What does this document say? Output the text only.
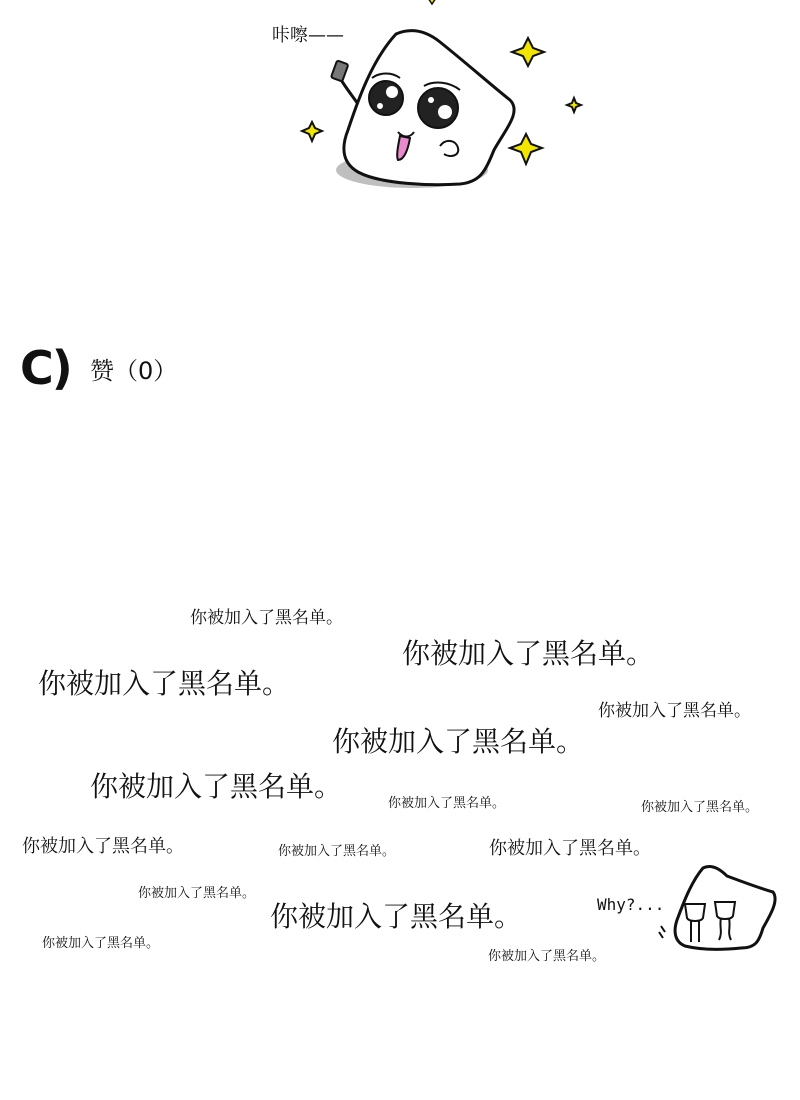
咔嚓——
C) 赞（0）
你被加入了黑名单。
你被加入了黑名单。
你被加入了黑名单。
你被加入了黑名单。
你被加入了黑名单。
你被加入了黑名单。
你被加入了黑名单。	你被加入了黑名单。
你被加入了黑名单。	你被加入了黑名单。	你被加入了黑名单。
你被加入了黑名单。
你被加入了黑名单。
你被加入了黑名单。
你被加入了黑名单。
Why?...
